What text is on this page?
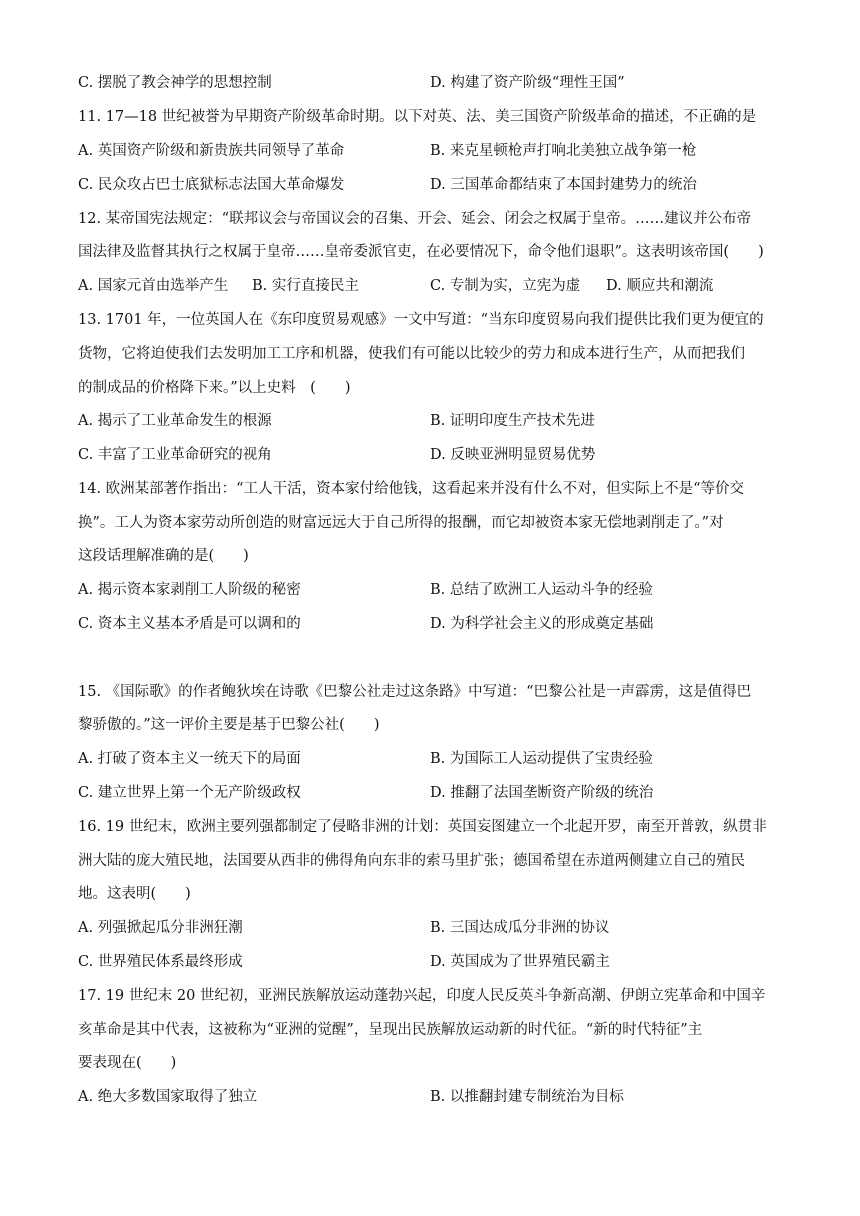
C. 摆脱了教会神学的思想控制	D. 构建了资产阶级“理性王国”
11. 17—18 世纪被誉为早期资产阶级革命时期。以下对英、法、美三国资产阶级革命的描述，不正确的是
A. 英国资产阶级和新贵族共同领导了革命	B. 来克星顿枪声打响北美独立战争第一枪
C. 民众攻占巴士底狱标志法国大革命爆发	D. 三国革命都结束了本国封建势力的统治
12. 某帝国宪法规定：“联邦议会与帝国议会的召集、开会、延会、闭会之权属于皇帝。……建议并公布帝
国法律及监督其执行之权属于皇帝……皇帝委派官吏，在必要情况下，命令他们退职”。这表明该帝国(　　)
A. 国家元首由选举产生 B. 实行直接民主	C. 专制为实，立宪为虚 D. 顺应共和潮流
13. 1701 年，一位英国人在《东印度贸易观感》一文中写道：“当东印度贸易向我们提供比我们更为便宜的
货物，它将迫使我们去发明加工工序和机器，使我们有可能以比较少的劳力和成本进行生产，从而把我们
的制成品的价格降下来。”以上史料　(　　)
A. 揭示了工业革命发生的根源	B. 证明印度生产技术先进
C. 丰富了工业革命研究的视角	D. 反映亚洲明显贸易优势
14. 欧洲某部著作指出：“工人干活，资本家付给他钱，这看起来并没有什么不对，但实际上不是“等价交
换”。工人为资本家劳动所创造的财富远远大于自己所得的报酬，而它却被资本家无偿地剥削走了。”对
这段话理解准确的是(　　)
A. 揭示资本家剥削工人阶级的秘密	B. 总结了欧洲工人运动斗争的经验
C. 资本主义基本矛盾是可以调和的	D. 为科学社会主义的形成奠定基础
15. 《国际歌》的作者鲍狄埃在诗歌《巴黎公社走过这条路》中写道：“巴黎公社是一声霹雳，这是值得巴
黎骄傲的。”这一评价主要是基于巴黎公社(　　)
A. 打破了资本主义一统天下的局面	B. 为国际工人运动提供了宝贵经验
C. 建立世界上第一个无产阶级政权	D. 推翻了法国垄断资产阶级的统治
16. 19 世纪末，欧洲主要列强都制定了侵略非洲的计划：英国妄图建立一个北起开罗，南至开普敦，纵贯非
洲大陆的庞大殖民地，法国要从西非的佛得角向东非的索马里扩张；德国希望在赤道两侧建立自己的殖民
地。这表明(　　)
A. 列强掀起瓜分非洲狂潮	B. 三国达成瓜分非洲的协议
C. 世界殖民体系最终形成	D. 英国成为了世界殖民霸主
17. 19 世纪末 20 世纪初，亚洲民族解放运动蓬勃兴起，印度人民反英斗争新高潮、伊朗立宪革命和中国辛
亥革命是其中代表，这被称为“亚洲的觉醒”，呈现出民族解放运动新的时代征。“新的时代特征”主
要表现在(　　)
A. 绝大多数国家取得了独立	B. 以推翻封建专制统治为目标
